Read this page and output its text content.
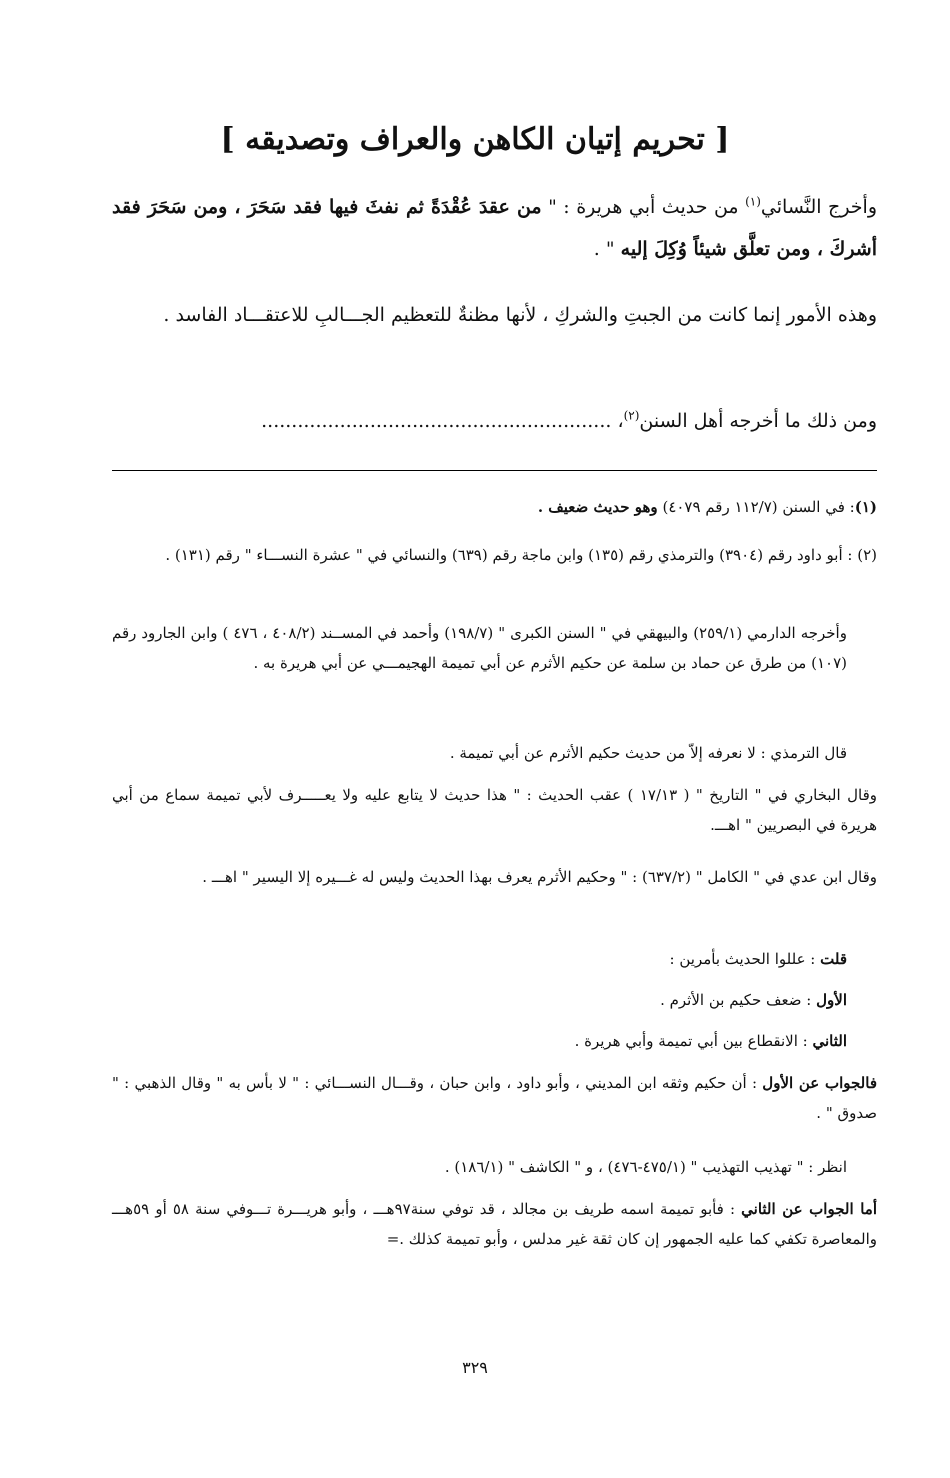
[ تحريم إتيان الكاهن والعراف وتصديقه ]
وأخرج النَّسائي$^{(١)}$ من حديث أبي هريرة : " من عقدَ عُقْدَةً ثم نفثَ فيها فقد سَحَرَ ، ومن سَحَرَ فقد أشركَ ، ومن تعلَّق شيئاً وُكِلَ إليه " .
وهذه الأمور إنما كانت من الجبتِ والشركِ ، لأنها مظنةٌ للتعظيم الجـــالبِ للاعتقـــاد الفاسد .
ومن ذلك ما أخرجه أهل السنن$^{(٢)}$، ..........................................................
(١): في السنن (١١٢/٧ رقم ٤٠٧٩) وهو حديث ضعيف .
(٢) : أبو داود رقم (٣٩٠٤) والترمذي رقم (١٣٥) وابن ماجة رقم (٦٣٩) والنسائي في " عشرة النســـاء " رقم (١٣١) .
وأخرجه الدارمي (٢٥٩/١) والبيهقي في " السنن الكبرى " (١٩٨/٧) وأحمد في المســند (٤٠٨/٢ ، ٤٧٦ ) وابن الجارود رقم (١٠٧) من طرق عن حماد بن سلمة عن حكيم الأثرم عن أبي تميمة الهجيمـــي عن أبي هريرة به .
قال الترمذي : لا نعرفه إلاّ من حديث حكيم الأثرم عن أبي تميمة .
وقال البخاري في " التاريخ " ( ١٧/١٣ ) عقب الحديث : " هذا حديث لا يتابع عليه ولا يعـــــرف لأبي تميمة سماع من أبي هريرة في البصريين " اهـــ.
وقال ابن عدي في " الكامل " (٦٣٧/٢) : " وحكيم الأثرم يعرف بهذا الحديث وليس له غـــيره إلا اليسير " اهـــ .
قلت : عللوا الحديث بأمرين :
الأول : ضعف حكيم بن الأثرم .
الثاني : الانقطاع بين أبي تميمة وأبي هريرة .
فالجواب عن الأول : أن حكيم وثقه ابن المديني ، وأبو داود ، وابن حبان ، وقـــال النســـائي : " لا بأس به " وقال الذهبي : " صدوق " .
انظر : " تهذيب التهذيب " (٤٧٥/١-٤٧٦) ، و " الكاشف " (١٨٦/١) .
أما الجواب عن الثاني : فأبو تميمة اسمه طريف بن مجالد ، قد توفي سنة٩٧هـــ ، وأبو هريـــرة تـــوفي سنة ٥٨ أو ٥٩هـــ والمعاصرة تكفي كما عليه الجمهور إن كان ثقة غير مدلس ، وأبو تميمة كذلك .=
٣٢٩
